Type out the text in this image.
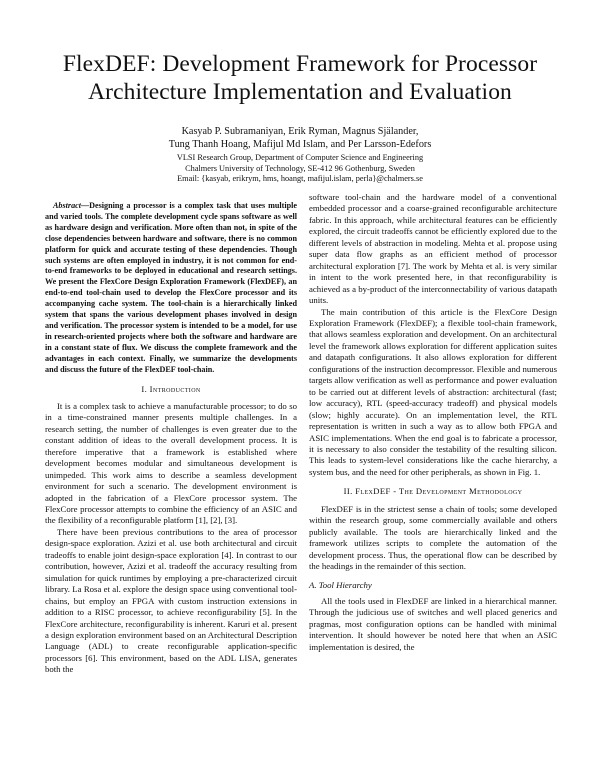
FlexDEF: Development Framework for Processor Architecture Implementation and Evaluation
Kasyab P. Subramaniyan, Erik Ryman, Magnus Själander,
Tung Thanh Hoang, Mafijul Md Islam, and Per Larsson-Edefors
VLSI Research Group, Department of Computer Science and Engineering
Chalmers University of Technology, SE-412 96 Gothenburg, Sweden
Email: {kasyab, erikrym, hms, hoangt, mafijul.islam, perla}@chalmers.se

Abstract—Designing a processor is a complex task that uses multiple and varied tools. The complete development cycle spans software as well as hardware design and verification. More often than not, in spite of the close dependencies between hardware and software, there is no common platform for quick and accurate testing of these dependencies. Though such systems are often employed in industry, it is not common for end-to-end frameworks to be deployed in educational and research settings. We present the FlexCore Design Exploration Framework (FlexDEF), an end-to-end tool-chain used to develop the FlexCore processor and its accompanying cache system. The tool-chain is a hierarchically linked system that spans the various development phases involved in design and verification. The processor system is intended to be a model, for use in research-oriented projects where both the software and hardware are in a constant state of flux. We discuss the complete framework and the advantages in each context. Finally, we summarize the developments and discuss the future of the FlexDEF tool-chain.

I. Introduction

It is a complex task to achieve a manufacturable processor; to do so in a time-constrained manner presents multiple challenges. In a research setting, the number of challenges is even greater due to the constant addition of ideas to the overall development process. It is therefore imperative that a framework is established where development becomes modular and simultaneous development is unimpeded. This work aims to describe a seamless development environment for such a scenario. The development environment is adopted in the fabrication of a FlexCore processor system. The FlexCore processor attempts to combine the efficiency of an ASIC and the flexibility of a reconfigurable platform [1], [2], [3].

There have been previous contributions to the area of processor design-space exploration. Azizi et al. use both architectural and circuit tradeoffs to enable joint design-space exploration [4]. In contrast to our contribution, however, Azizi et al. tradeoff the accuracy resulting from simulation for quick runtimes by employing a pre-characterized circuit library. La Rosa et al. explore the design space using conventional tool-chains, but employ an FPGA with custom instruction extensions in addition to a RISC processor, to achieve reconfigurability [5]. In the FlexCore architecture, reconfigurability is inherent. Karuri et al. present a design exploration environment based on an Architectural Description Language (ADL) to create reconfigurable application-specific processors [6]. This environment, based on the ADL LISA, generates both the

software tool-chain and the hardware model of a conventional embedded processor and a coarse-grained reconfigurable architecture fabric. In this approach, while architectural features can be efficiently explored, the circuit tradeoffs cannot be efficiently explored due to the different levels of abstraction in modeling. Mehta et al. propose using super data flow graphs as an efficient method of processor architectural exploration [7]. The work by Mehta et al. is very similar in intent to the work presented here, in that reconfigurability is achieved as a by-product of the interconnectability of various datapath units.

The main contribution of this article is the FlexCore Design Exploration Framework (FlexDEF); a flexible tool-chain framework, that allows seamless exploration and development. On an architectural level the framework allows exploration for different application suites and datapath configurations. It also allows exploration for different configurations of the instruction decompressor. Flexible and numerous targets allow verification as well as performance and power evaluation to be carried out at different levels of abstraction: architectural (fast; low accuracy), RTL (speed-accuracy tradeoff) and physical models (slow; highly accurate). On an implementation level, the RTL representation is written in such a way as to allow both FPGA and ASIC implementations. When the end goal is to fabricate a processor, it is necessary to also consider the testability of the resulting silicon. This leads to system-level considerations like the cache hierarchy, a system bus, and the need for other peripherals, as shown in Fig. 1.

II. FlexDEF - The Development Methodology

FlexDEF is in the strictest sense a chain of tools; some developed within the research group, some commercially available and others publicly available. The tools are hierarchically linked and the framework utilizes scripts to complete the automation of the development process. Thus, the operational flow can be described by the headings in the remainder of this section.

A. Tool Hierarchy

All the tools used in FlexDEF are linked in a hierarchical manner. Through the judicious use of switches and well placed generics and pragmas, most configuration options can be handled with minimal intervention. It should however be noted here that when an ASIC implementation is desired, the
